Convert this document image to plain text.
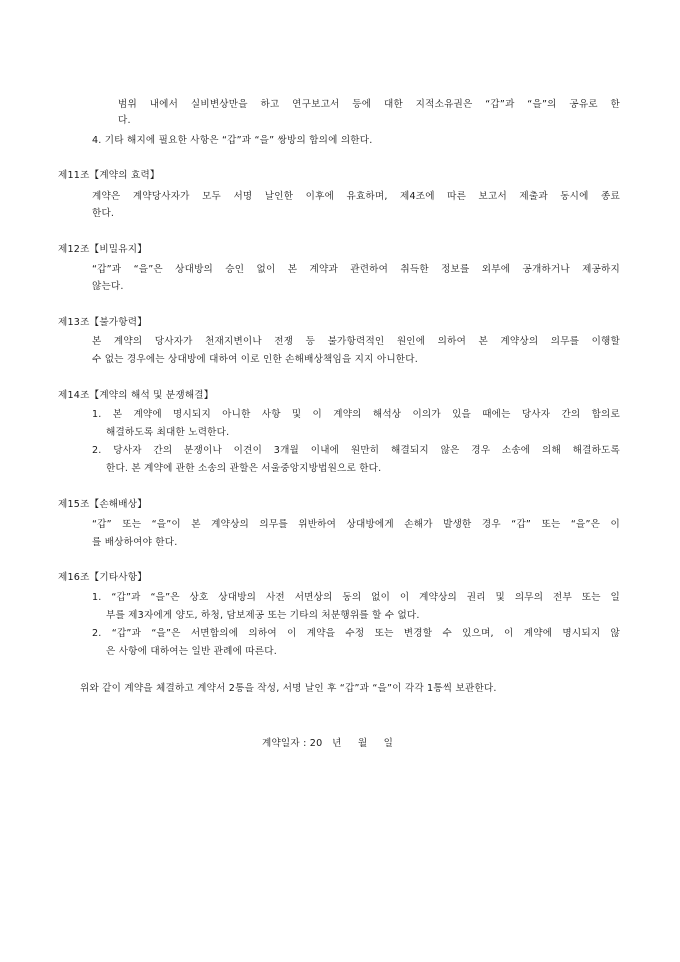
범위 내에서 실비변상만을 하고 연구보고서 등에 대한 지적소유권은 “갑”과 “을”의 공유로 한
다.
4. 기타 해지에 필요한 사항은 “갑”과 “을” 쌍방의 합의에 의한다.
제11조【계약의 효력】
계약은 계약당사자가 모두 서명 날인한 이후에 유효하며, 제4조에 따른 보고서 제출과 동시에 종료
한다.
제12조【비밀유지】
“갑”과 “을”은 상대방의 승인 없이 본 계약과 관련하여 취득한 정보를 외부에 공개하거나 제공하지
않는다.
제13조【불가항력】
본 계약의 당사자가 천재지변이나 전쟁 등 불가항력적인 원인에 의하여 본 계약상의 의무를 이행할
수 없는 경우에는 상대방에 대하여 이로 인한 손해배상책임을 지지 아니한다.
제14조【계약의 해석 및 분쟁해결】
1. 본 계약에 명시되지 아니한 사항 및 이 계약의 해석상 이의가 있을 때에는 당사자 간의 합의로
해결하도록 최대한 노력한다.
2. 당사자 간의 분쟁이나 이견이 3개월 이내에 원만히 해결되지 않은 경우 소송에 의해 해결하도록
한다. 본 계약에 관한 소송의 관할은 서울중앙지방법원으로 한다.
제15조【손해배상】
“갑” 또는 “을”이 본 계약상의 의무를 위반하여 상대방에게 손해가 발생한 경우 “갑” 또는 “을”은 이
를 배상하여야 한다.
제16조【기타사항】
1. “갑”과 “을”은 상호 상대방의 사전 서면상의 동의 없이 이 계약상의 권리 및 의무의 전부 또는 일
부를 제3자에게 양도, 하청, 담보제공 또는 기타의 처분행위를 할 수 없다.
2. “갑”과 “을”은 서면합의에 의하여 이 계약을 수정 또는 변경할 수 있으며, 이 계약에 명시되지 않
은 사항에 대하여는 일반 관례에 따른다.
위와 같이 계약을 체결하고 계약서 2통을 작성, 서명 날인 후 “갑”과 “을”이 각각 1통씩 보관한다.
계약일자 : 20   년     월     일
